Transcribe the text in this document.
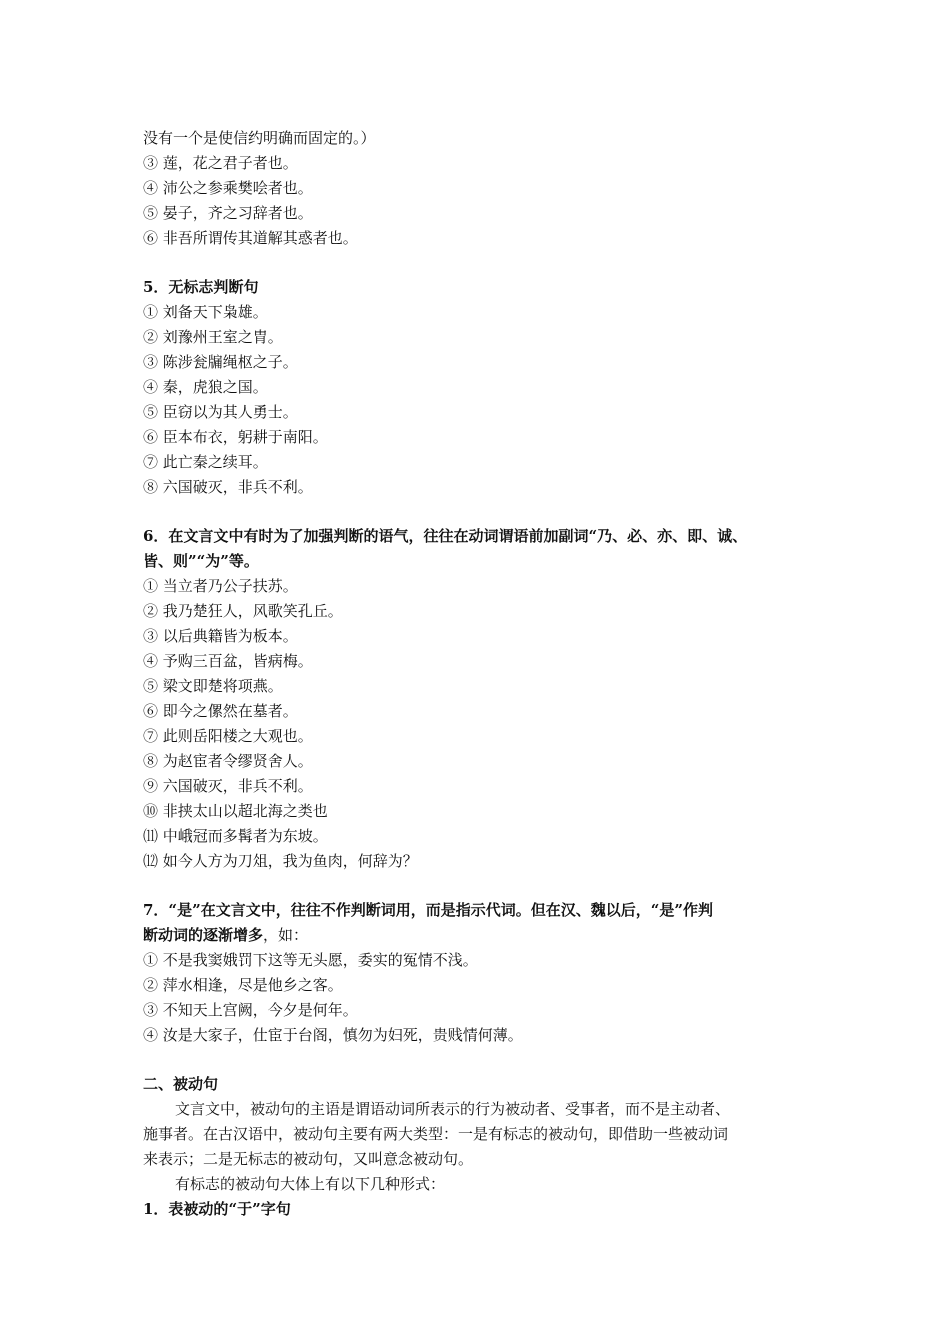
没有一个是使信约明确而固定的。）
③ 莲，花之君子者也。
④ 沛公之参乘樊哙者也。
⑤ 晏子，齐之习辞者也。
⑥ 非吾所谓传其道解其惑者也。
5．无标志判断句
① 刘备天下枭雄。
② 刘豫州王室之胄。
③ 陈涉瓮牖绳枢之子。
④ 秦，虎狼之国。
⑤ 臣窃以为其人勇士。
⑥ 臣本布衣，躬耕于南阳。
⑦ 此亡秦之续耳。
⑧ 六国破灭，非兵不利。
6．在文言文中有时为了加强判断的语气，往往在动词谓语前加副词“乃、必、亦、即、诚、
皆、则”“为”等。
① 当立者乃公子扶苏。
② 我乃楚狂人，风歌笑孔丘。
③ 以后典籍皆为板本。
④ 予购三百盆，皆病梅。
⑤ 梁文即楚将项燕。
⑥ 即今之傫然在墓者。
⑦ 此则岳阳楼之大观也。
⑧ 为赵宦者令缪贤舍人。
⑨ 六国破灭，非兵不利。
⑩ 非挟太山以超北海之类也
⑾ 中峨冠而多髯者为东坡。
⑿ 如今人方为刀俎，我为鱼肉，何辞为？
7．“是”在文言文中，往往不作判断词用，而是指示代词。但在汉、魏以后，“是”作判
断动词的逐渐增多，如：
① 不是我窦娥罚下这等无头愿，委实的冤情不浅。
② 萍水相逢，尽是他乡之客。
③ 不知天上宫阙，今夕是何年。
④ 汝是大家子，仕宦于台阁，慎勿为妇死，贵贱情何薄。
二、被动句
文言文中，被动句的主语是谓语动词所表示的行为被动者、受事者，而不是主动者、
施事者。在古汉语中，被动句主要有两大类型：一是有标志的被动句，即借助一些被动词
来表示；二是无标志的被动句，又叫意念被动句。
有标志的被动句大体上有以下几种形式：
1．表被动的“于”字句
